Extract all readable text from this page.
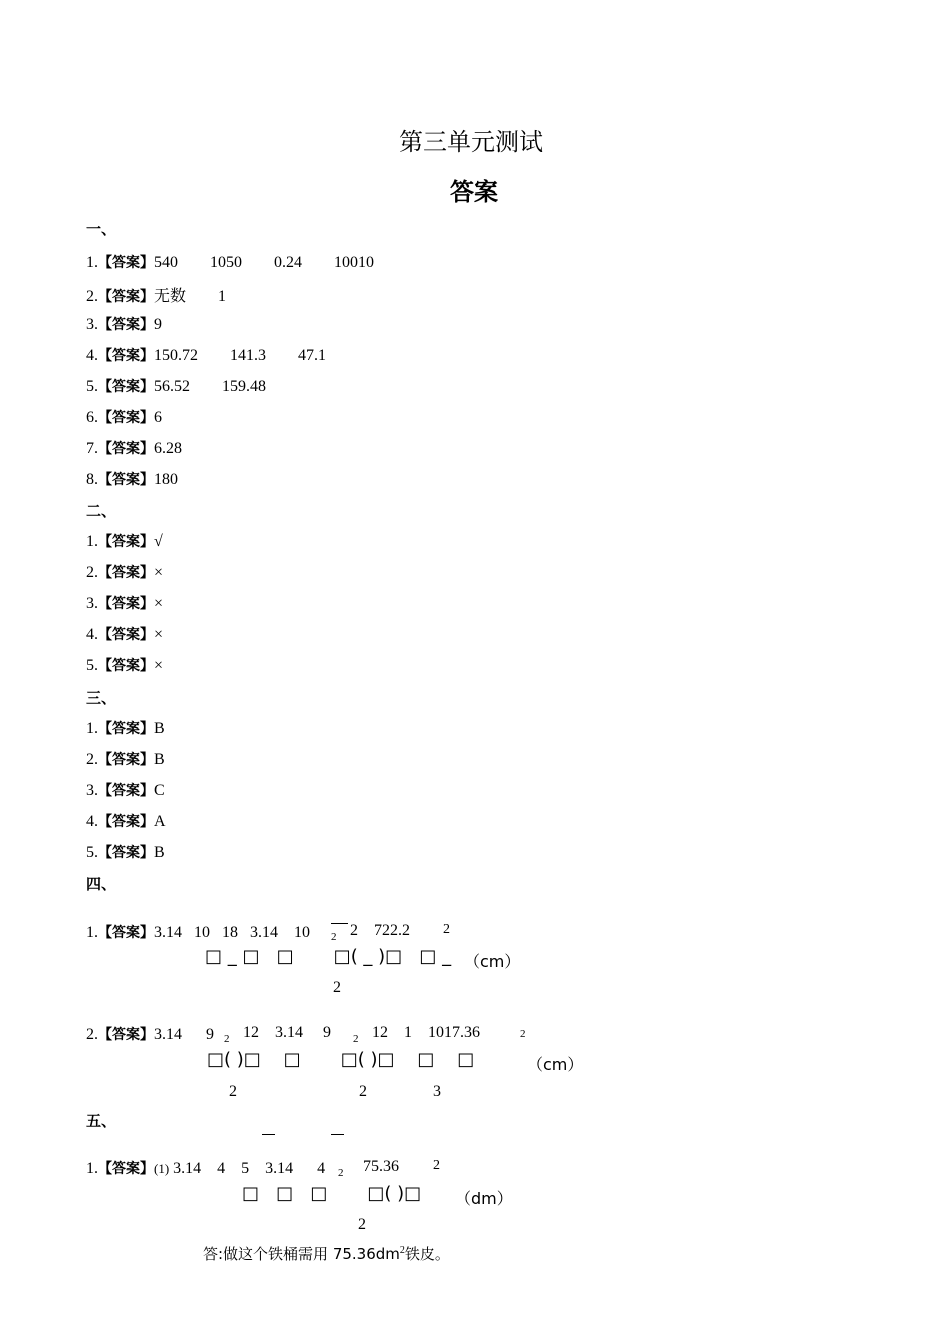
第三单元测试
答案
一、
1.【答案】540        1050        0.24        10010
2.【答案】无数        1
3.【答案】9
4.【答案】150.72        141.3        47.1
5.【答案】56.52        159.48
6.【答案】6
7.【答案】6.28
8.【答案】180
二、
1.【答案】√
2.【答案】×
3.【答案】×
4.【答案】×
5.【答案】×
三、
1.【答案】B
2.【答案】B
3.【答案】C
4.【答案】A
5.【答案】B
四、
1.【答案】3.14   10   18   3.14    10 2 2    722.2 2
□ _ □   □       □( _ )□   □ _ （cm）
2
2.【答案】3.14      9 2 12    3.14     9 2 12    1    1017.36	2
□( )□    □       □( )□    □    □	（cm）
2	2	3
五、
1.【答案】(1) 3.14    4    5    3.14      4 2 75.36 2
□   □   □       □( )□ （dm）
2
答:做这个铁桶需用 $75.36dm^2$铁皮。
